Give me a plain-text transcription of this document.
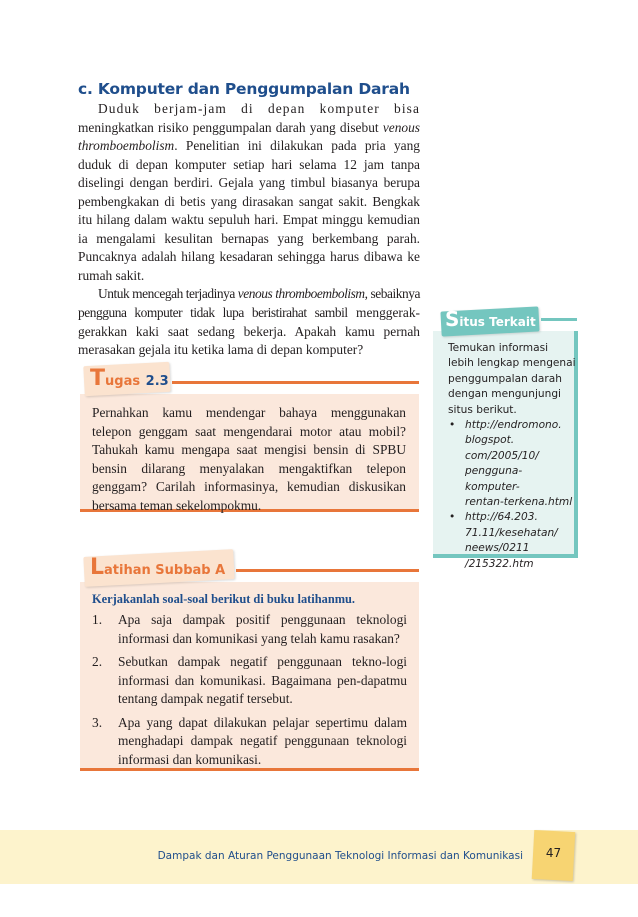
c. Komputer dan Penggumpalan Darah

Duduk berjam-jam di depan komputer bisa meningkatkan risiko penggumpalan darah yang disebut venous thromboembolism. Penelitian ini dilakukan pada pria yang duduk di depan komputer setiap hari selama 12 jam tanpa diselingi dengan berdiri. Gejala yang timbul biasanya berupa pembengkakan di betis yang dirasakan sangat sakit. Bengkak itu hilang dalam waktu sepuluh hari. Empat minggu kemudian ia mengalami kesulitan bernapas yang berkembang parah. Puncaknya adalah hilang kesadaran sehingga harus dibawa ke rumah sakit.

Untuk mencegah terjadinya venous thromboembolism, sebaiknya pengguna komputer tidak lupa beristirahat sambil menggerak-gerakkan kaki saat sedang bekerja. Apakah kamu pernah merasakan gejala itu ketika lama di depan komputer?

Tugas 2.3

Pernahkan kamu mendengar bahaya menggunakan telepon genggam saat mengendarai motor atau mobil? Tahukah kamu mengapa saat mengisi bensin di SPBU bensin dilarang menyalakan mengaktifkan telepon genggam? Carilah informasinya, kemudian diskusikan bersama teman sekelompokmu.

Latihan Subbab A

Kerjakanlah soal-soal berikut di buku latihanmu.

1. Apa saja dampak positif penggunaan teknologi informasi dan komunikasi yang telah kamu rasakan?
2. Sebutkan dampak negatif penggunaan tekno-logi informasi dan komunikasi. Bagaimana pen-dapatmu tentang dampak negatif tersebut.
3. Apa yang dapat dilakukan pelajar sepertimu dalam menghadapi dampak negatif penggunaan teknologi informasi dan komunikasi.
Situs Terkait

Temukan informasi lebih lengkap mengenai penggumpalan darah dengan mengunjungi situs berikut.

• http://endromono.
blogspot.
com/2005/10/
pengguna-komputer-
rentan-terkena.html
• http://64.203.
71.11/kesehatan/
neews/0211
/215322.htm
Dampak dan Aturan Penggunaan Teknologi Informasi dan Komunikasi	47
